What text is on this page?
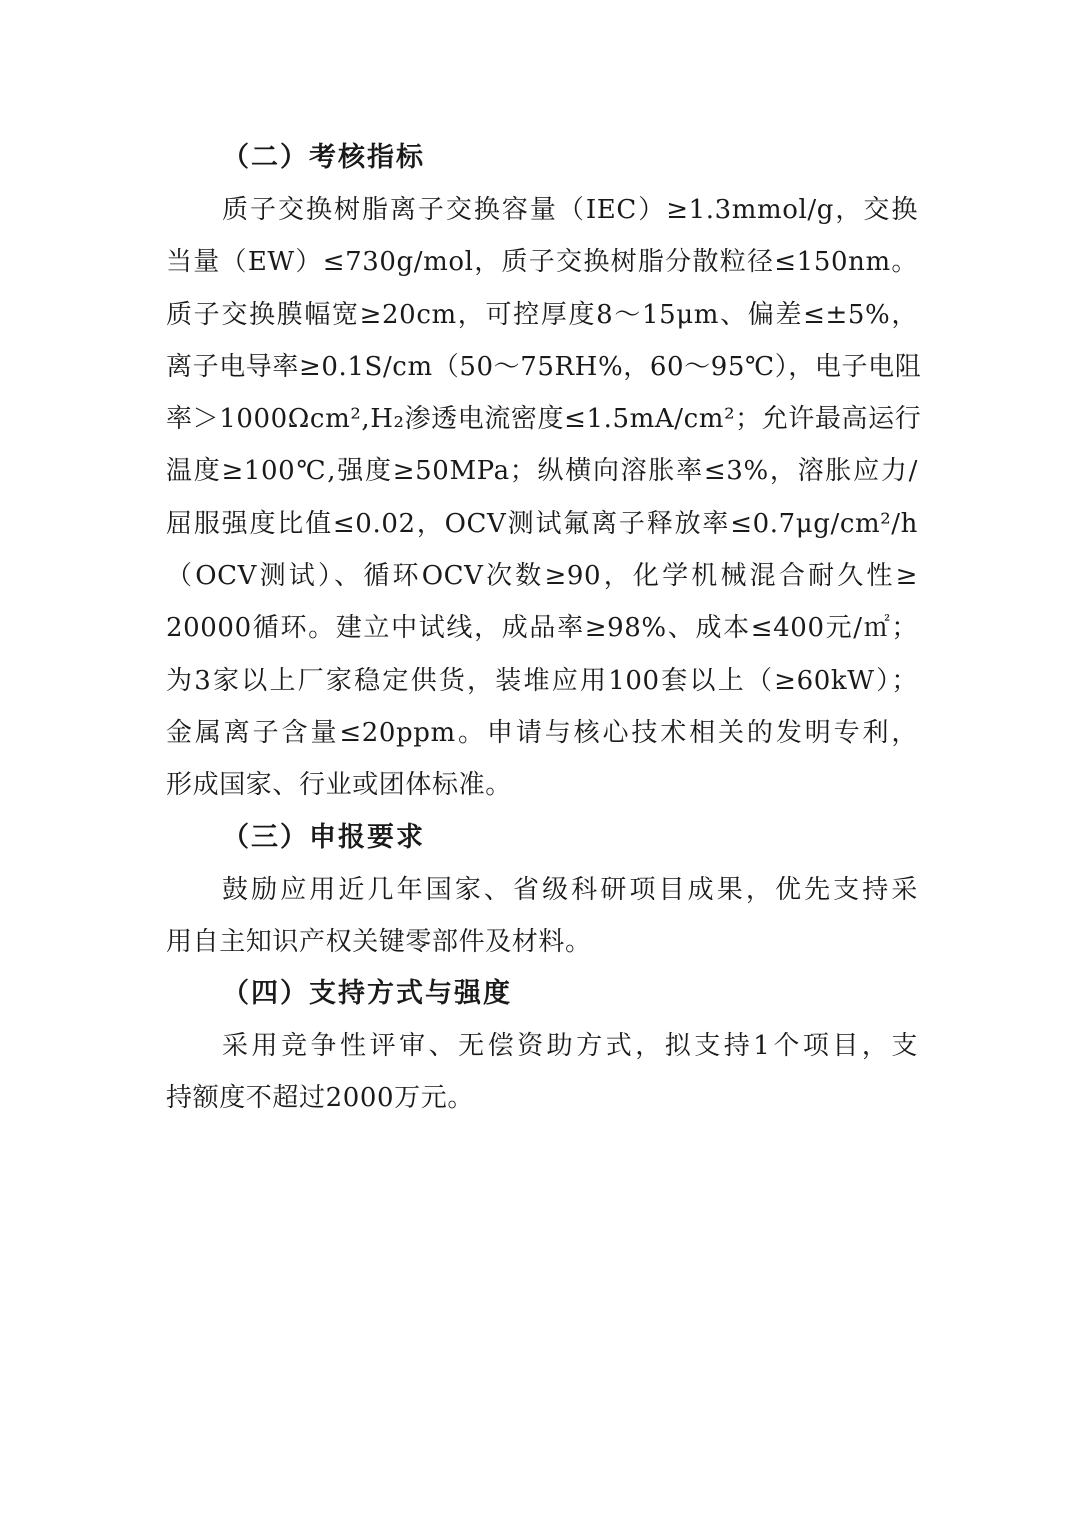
（二）考核指标
质子交换树脂离子交换容量（IEC）≥1.3mmol/g，交换
当量（EW）≤730g/mol，质子交换树脂分散粒径≤150nm。
质子交换膜幅宽≥20cm，可控厚度8～15μm、偏差≤±5%，
离子电导率≥0.1S/cm（50～75RH%，60～95℃），电子电阻
率＞1000Ωcm²,H₂渗透电流密度≤1.5mA/cm²；允许最高运行
温度≥100℃,强度≥50MPa；纵横向溶胀率≤3%，溶胀应力/
屈服强度比值≤0.02，OCV测试氟离子释放率≤0.7μg/cm²/h
（OCV测试）、循环OCV次数≥90，化学机械混合耐久性≥
20000循环。建立中试线，成品率≥98%、成本≤400元/㎡；
为3家以上厂家稳定供货，装堆应用100套以上（≥60kW）；
金属离子含量≤20ppm。申请与核心技术相关的发明专利，
形成国家、行业或团体标准。
（三）申报要求
鼓励应用近几年国家、省级科研项目成果，优先支持采
用自主知识产权关键零部件及材料。
（四）支持方式与强度
采用竞争性评审、无偿资助方式，拟支持1个项目，支
持额度不超过2000万元。
